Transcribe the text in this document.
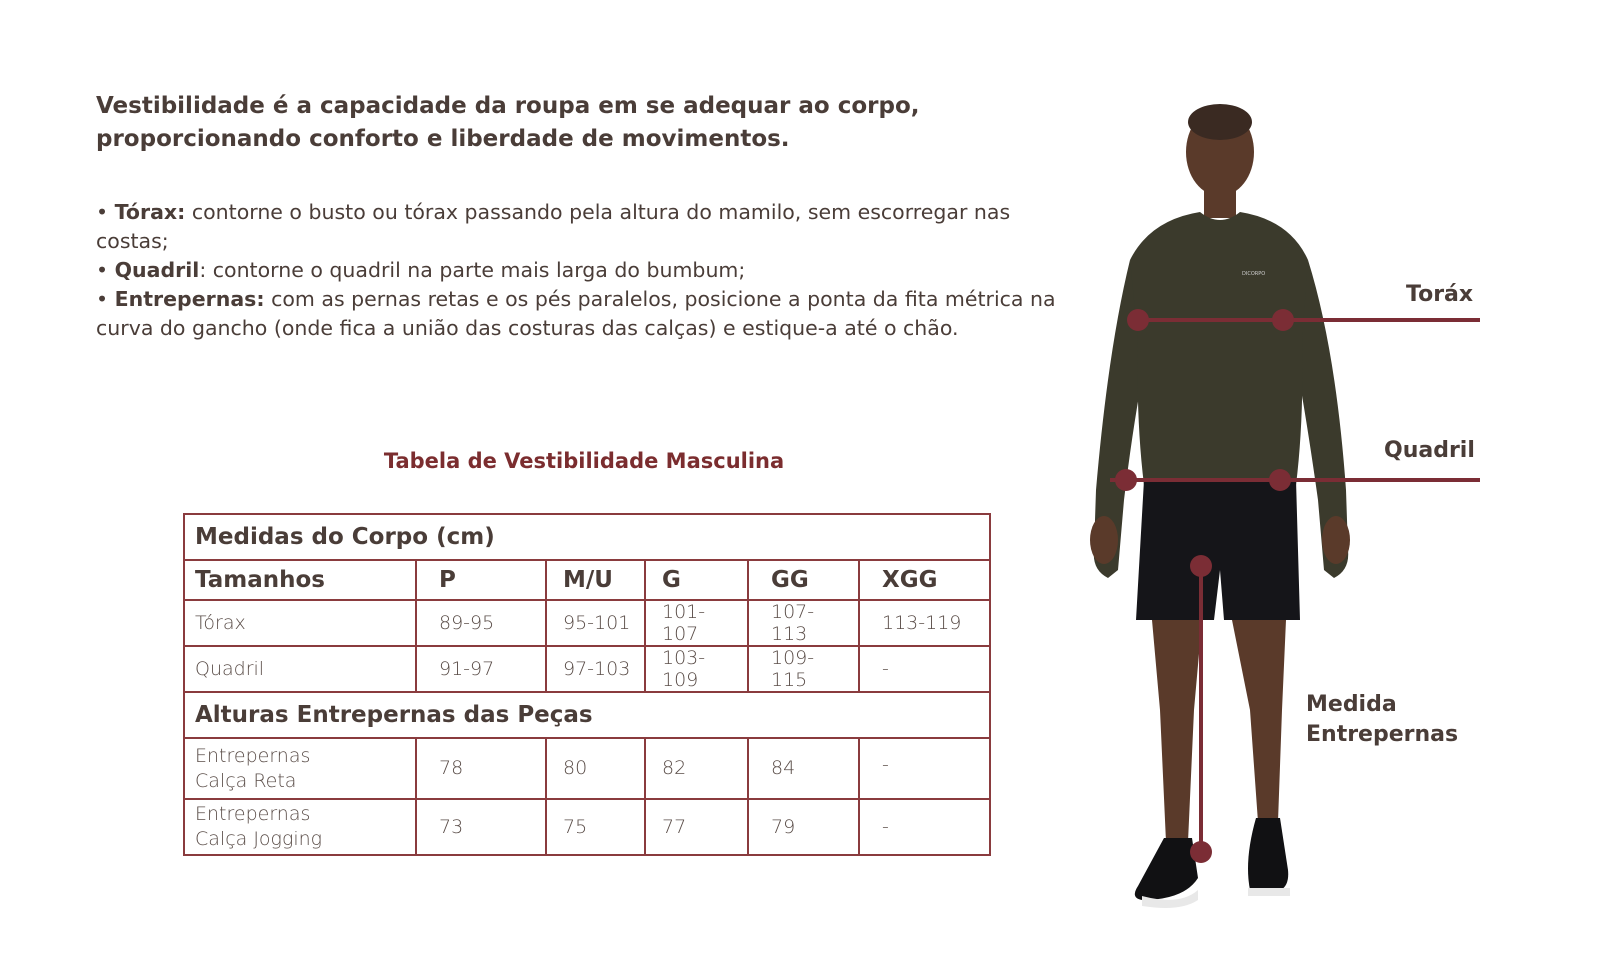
Vestibilidade é a capacidade da roupa em se adequar ao corpo,
proporcionando conforto e liberdade de movimentos.
• Tórax: contorne o busto ou tórax passando pela altura do mamilo, sem escorregar nas costas;
• Quadril: contorne o quadril na parte mais larga do bumbum;
• Entrepernas: com as pernas retas e os pés paralelos, posicione a ponta da fita métrica na curva do gancho (onde fica a união das costuras das calças) e estique-a até o chão.
Tabela de Vestibilidade Masculina
Medidas do Corpo (cm)					
Tamanhos	P	M/U	G	GG	XGG
Tórax	89-95	95-101	101-107	107-113	113-119
Quadril	91-97	97-103	103-109	109-115	-
Alturas Entrepernas das Peças					

Entrepernas
Calça Reta	78	80	82	84	-

Entrepernas
Calça Jogging	73	75	77	79	-
DICORPO
Toráx
Quadril
Medida
Entrepernas
